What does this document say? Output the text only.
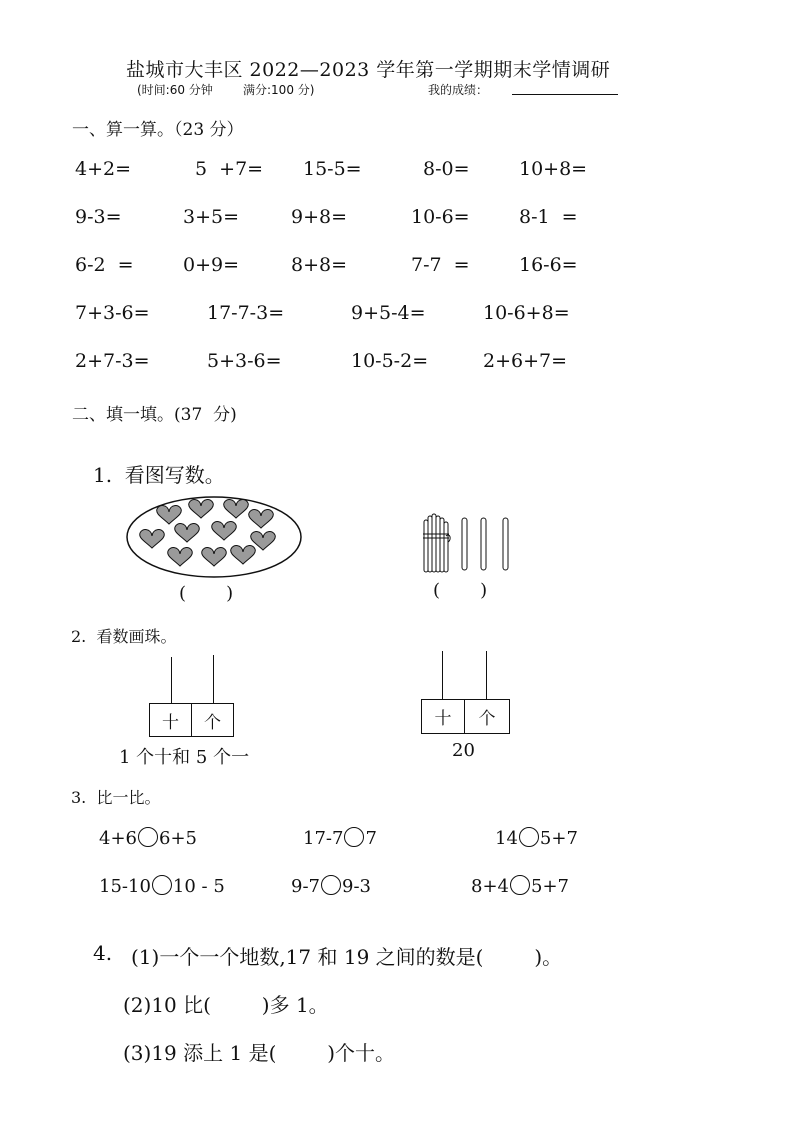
盐城市大丰区 2022—2023 学年第一学期期末学情调研
(时间:60 分钟	满分:100 分)	我的成绩：
一、算一算。（23 分）
4+2=	5  +7= 15-5=	8-0=	10+8=
9-3=	3+5=	9+8=	10-6=	8-1  =
6-2  =	0+9=	8+8=	7-7  =	16-6=
7+3-6=	17-7-3=	9+5-4=	10-6+8=
2+7-3=	5+3-6=	10-5-2=	2+6+7=
二、填一填。(37  分)
1.  看图写数。
(       )	(       )
2.  看数画珠。
十	个
1 个十和 5 个一
十	个
20
3.  比一比。
4+6 6+5	17-7 7	14 5+7
15-10 10 - 5	9-7 9-3	8+4 5+7
4. (1)一个一个地数,17 和 19 之间的数是(        )。
(2)10 比(        )多 1。
(3)19 添上 1 是(        )个十。
